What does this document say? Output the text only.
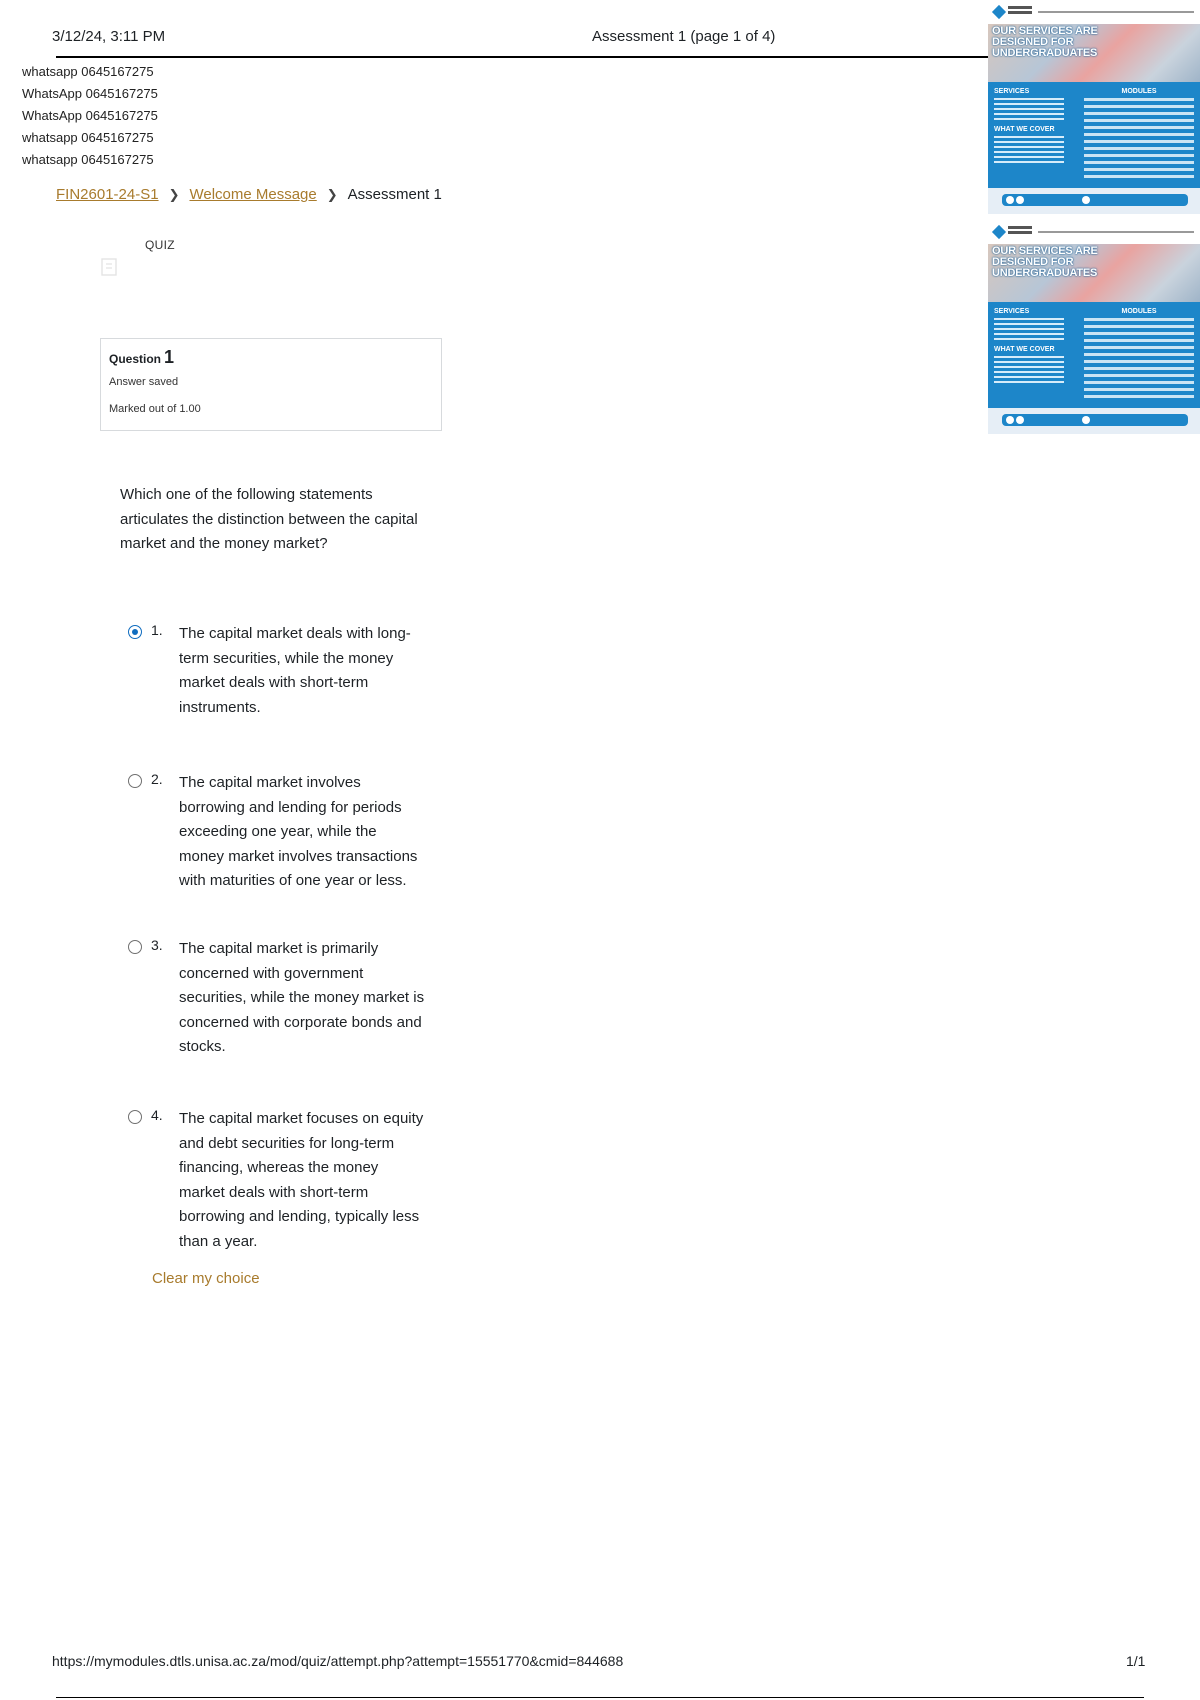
3/12/24, 3:11 PM	Assessment 1 (page 1 of 4)
whatsapp 0645167275
WhatsApp 0645167275
WhatsApp 0645167275
whatsapp 0645167275
whatsapp 0645167275
FIN2601-24-S1 ❯ Welcome Message ❯ Assessment 1
QUIZ
Question 1
Answer saved
Marked out of 1.00
Which one of the following statements articulates the distinction between the capital market and the money market?
1.	The capital market deals with long-term securities, while the money market deals with short-term instruments.
2.	The capital market involves borrowing and lending for periods exceeding one year, while the money market involves transactions with maturities of one year or less.
3.	The capital market is primarily concerned with government securities, while the money market is concerned with corporate bonds and stocks.
4.	The capital market focuses on equity and debt securities for long-term financing, whereas the money market deals with short-term borrowing and lending, typically less than a year.
Clear my choice
OUR SERVICES ARE DESIGNED FOR UNDERGRADUATES
SERVICES
WHAT WE COVER
MODULES
OUR SERVICES ARE DESIGNED FOR UNDERGRADUATES
SERVICES
WHAT WE COVER
MODULES
https://mymodules.dtls.unisa.ac.za/mod/quiz/attempt.php?attempt=15551770&cmid=844688	1/1
